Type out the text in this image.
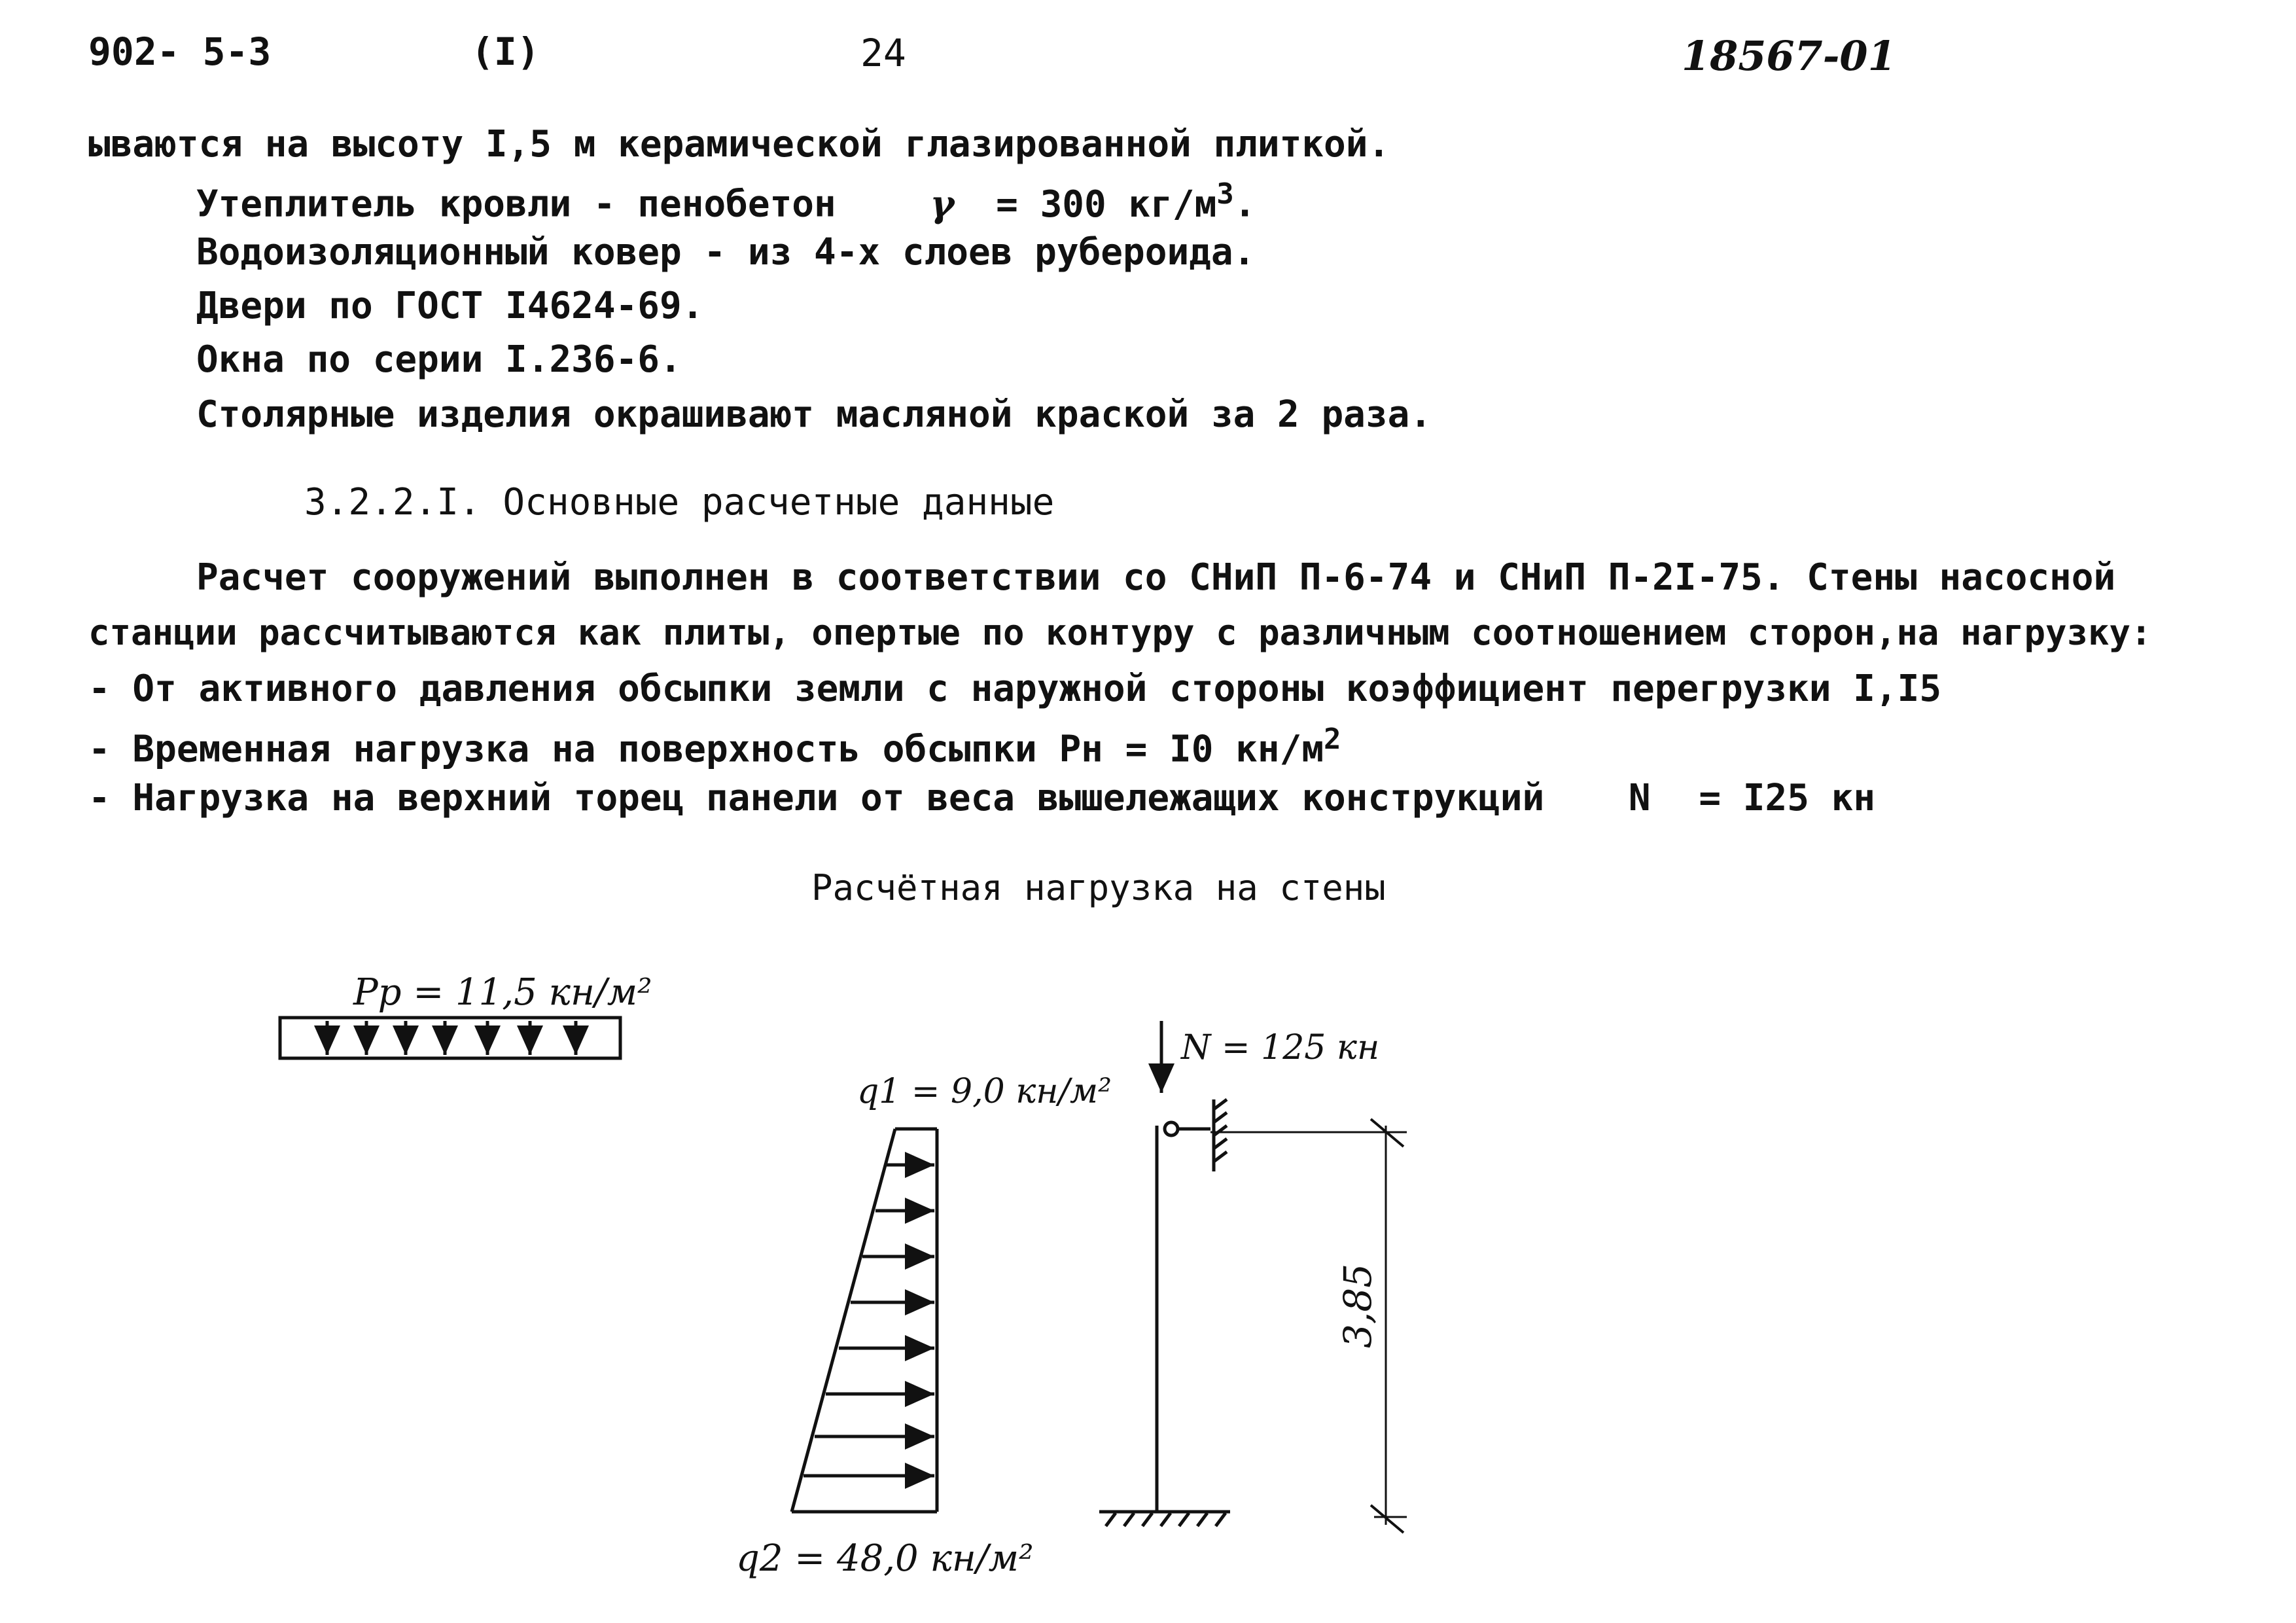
902- 5-3	(I)	24	18567-01
ываются на высоту I,5 м керамической глазированной плиткой.
Утеплитель кровли - пенобетон	γ = 300 $кг/м^3$.
Водоизоляционный ковер - из 4-х слоев рубероида.
Двери по ГОСТ I4624-69.
Окна по серии I.236-6.
Столярные изделия окрашивают масляной краской за 2 раза.
3.2.2.I. Основные расчетные данные
Расчет сооружений выполнен в соответствии со СНиП П-6-74 и СНиП П-2I-75. Стены насосной
станции рассчитываются как плиты, опертые по контуру с различным соотношением сторон,на нагрузку:
- От активного давления обсыпки земли с наружной стороны коэффициент перегрузки I,I5
- Временная нагрузка на поверхность обсыпки Рн = I0 $кн/м^2$
- Нагрузка на верхний торец панели от веса вышележащих конструкций N = I25 кн
Расчётная нагрузка на стены
Pp = 11,5 кн/м²
q1 = 9,0 кн/м²
q2 = 48,0 кн/м²
N = 125 кн
3,85
